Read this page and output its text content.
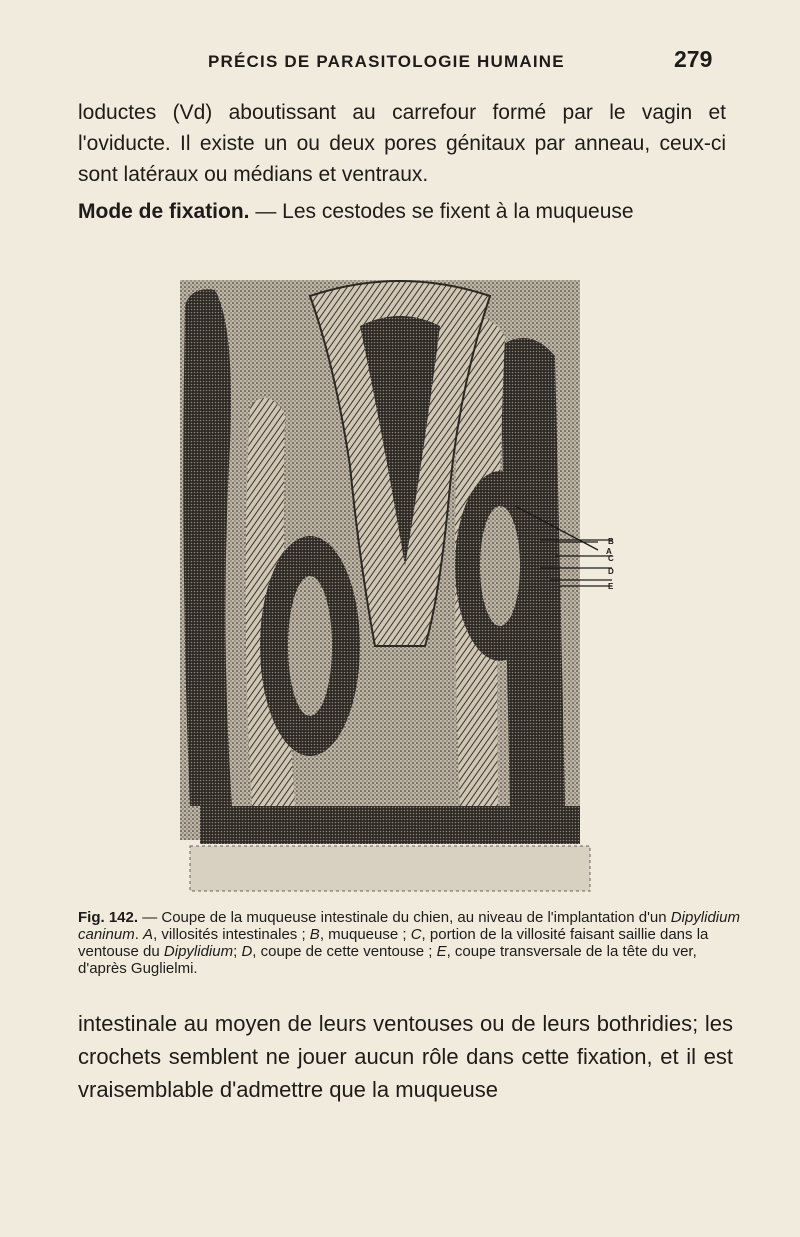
PRÉCIS DE PARASITOLOGIE HUMAINE	279

loductes (Vd) aboutissant au carrefour formé par le vagin et l'oviducte. Il existe un ou deux pores génitaux par anneau, ceux-ci sont latéraux ou médians et ventraux.

Mode de fixation. — Les cestodes se fixent à la muqueuse
A
B
C
D
E

Fig. 142. — Coupe de la muqueuse intestinale du chien, au niveau de l'implantation d'un Dipylidium caninum. A, villosités intestinales ; B, muqueuse ; C, portion de la villosité faisant saillie dans la ventouse du Dipylidium; D, coupe de cette ventouse ; E, coupe transversale de la tête du ver, d'après Guglielmi.

intestinale au moyen de leurs ventouses ou de leurs bothridies; les crochets semblent ne jouer aucun rôle dans cette fixation, et il est vraisemblable d'admettre que la muqueuse
